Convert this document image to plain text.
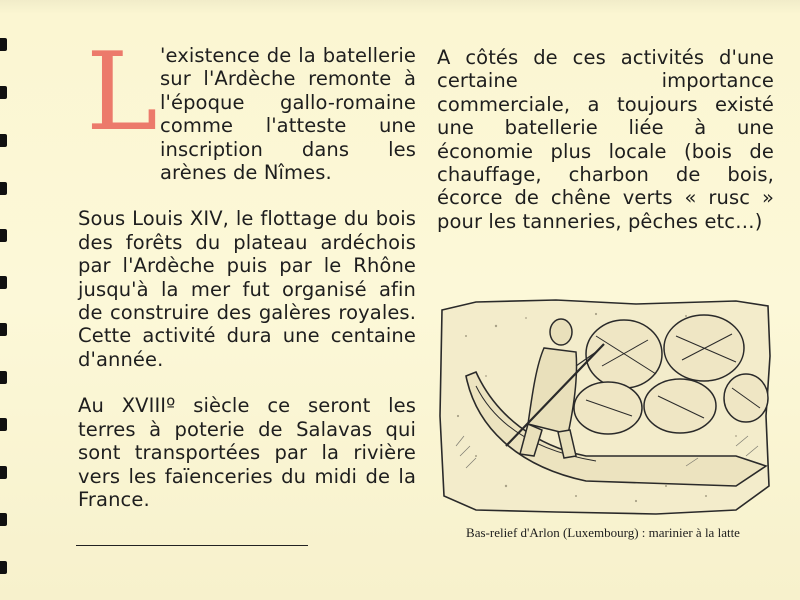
L 'existence de la batellerie sur l'Ardèche remonte à l'époque gallo-romaine comme l'atteste une inscription dans les arènes de Nîmes.

Sous Louis XIV, le flottage du bois des forêts du plateau ardéchois par l'Ardèche puis par le Rhône jusqu'à la mer fut organisé afin de construire des galères royales. Cette activité dura une centaine d'année.

Au XVIIIº siècle ce seront les terres à poterie de Salavas qui sont transportées par la rivière vers les faïenceries du midi de la France.

A côtés de ces activités d'une certaine importance commerciale, a toujours existé une batellerie liée à une économie plus locale (bois de chauffage, charbon de bois, écorce de chêne verts « rusc » pour les tanneries, pêches etc…)

Bas-relief d'Arlon (Luxembourg) : marinier à la latte
